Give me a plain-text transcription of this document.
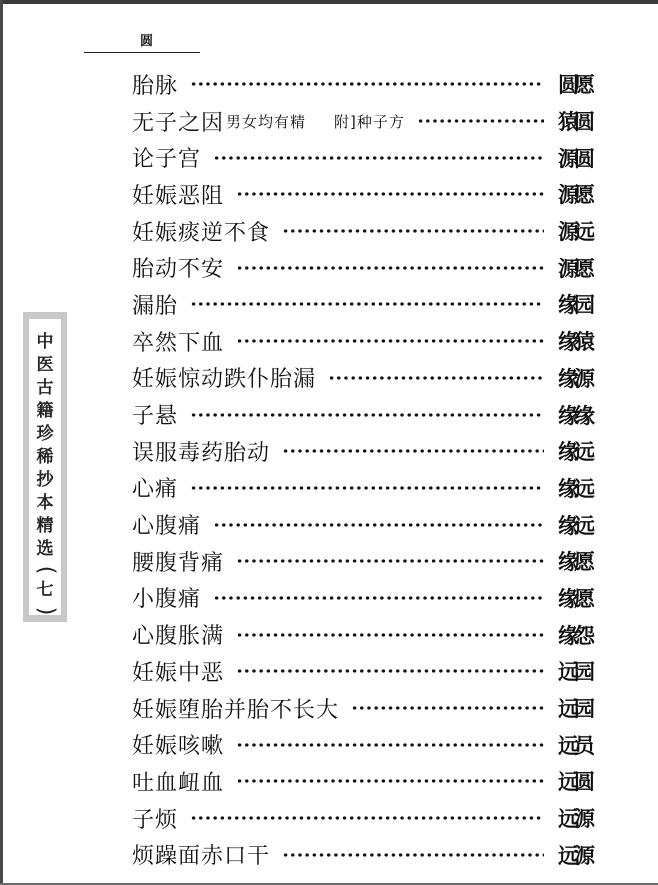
圆
中
医
古
籍
珍
稀
抄
本
精
选
(
七
)
胎脉	圆愿
无子之因 男女均有精 附]种子方	猿圆
论子宫	源圆
妊娠恶阻	源愿
妊娠痰逆不食	源远
胎动不安	源愿
漏胎	缘园
卒然下血	缘猿
妊娠惊动跌仆胎漏	缘源
子悬	缘缘
误服毒药胎动	缘远
心痛	缘远
心腹痛	缘远
腰腹背痛	缘愿
小腹痛	缘愿
心腹胀满	缘怨
妊娠中恶	远园
妊娠堕胎并胎不长大	远园
妊娠咳嗽	远员
吐血衄血	远圆
子烦	远源
烦躁面赤口干	远源
